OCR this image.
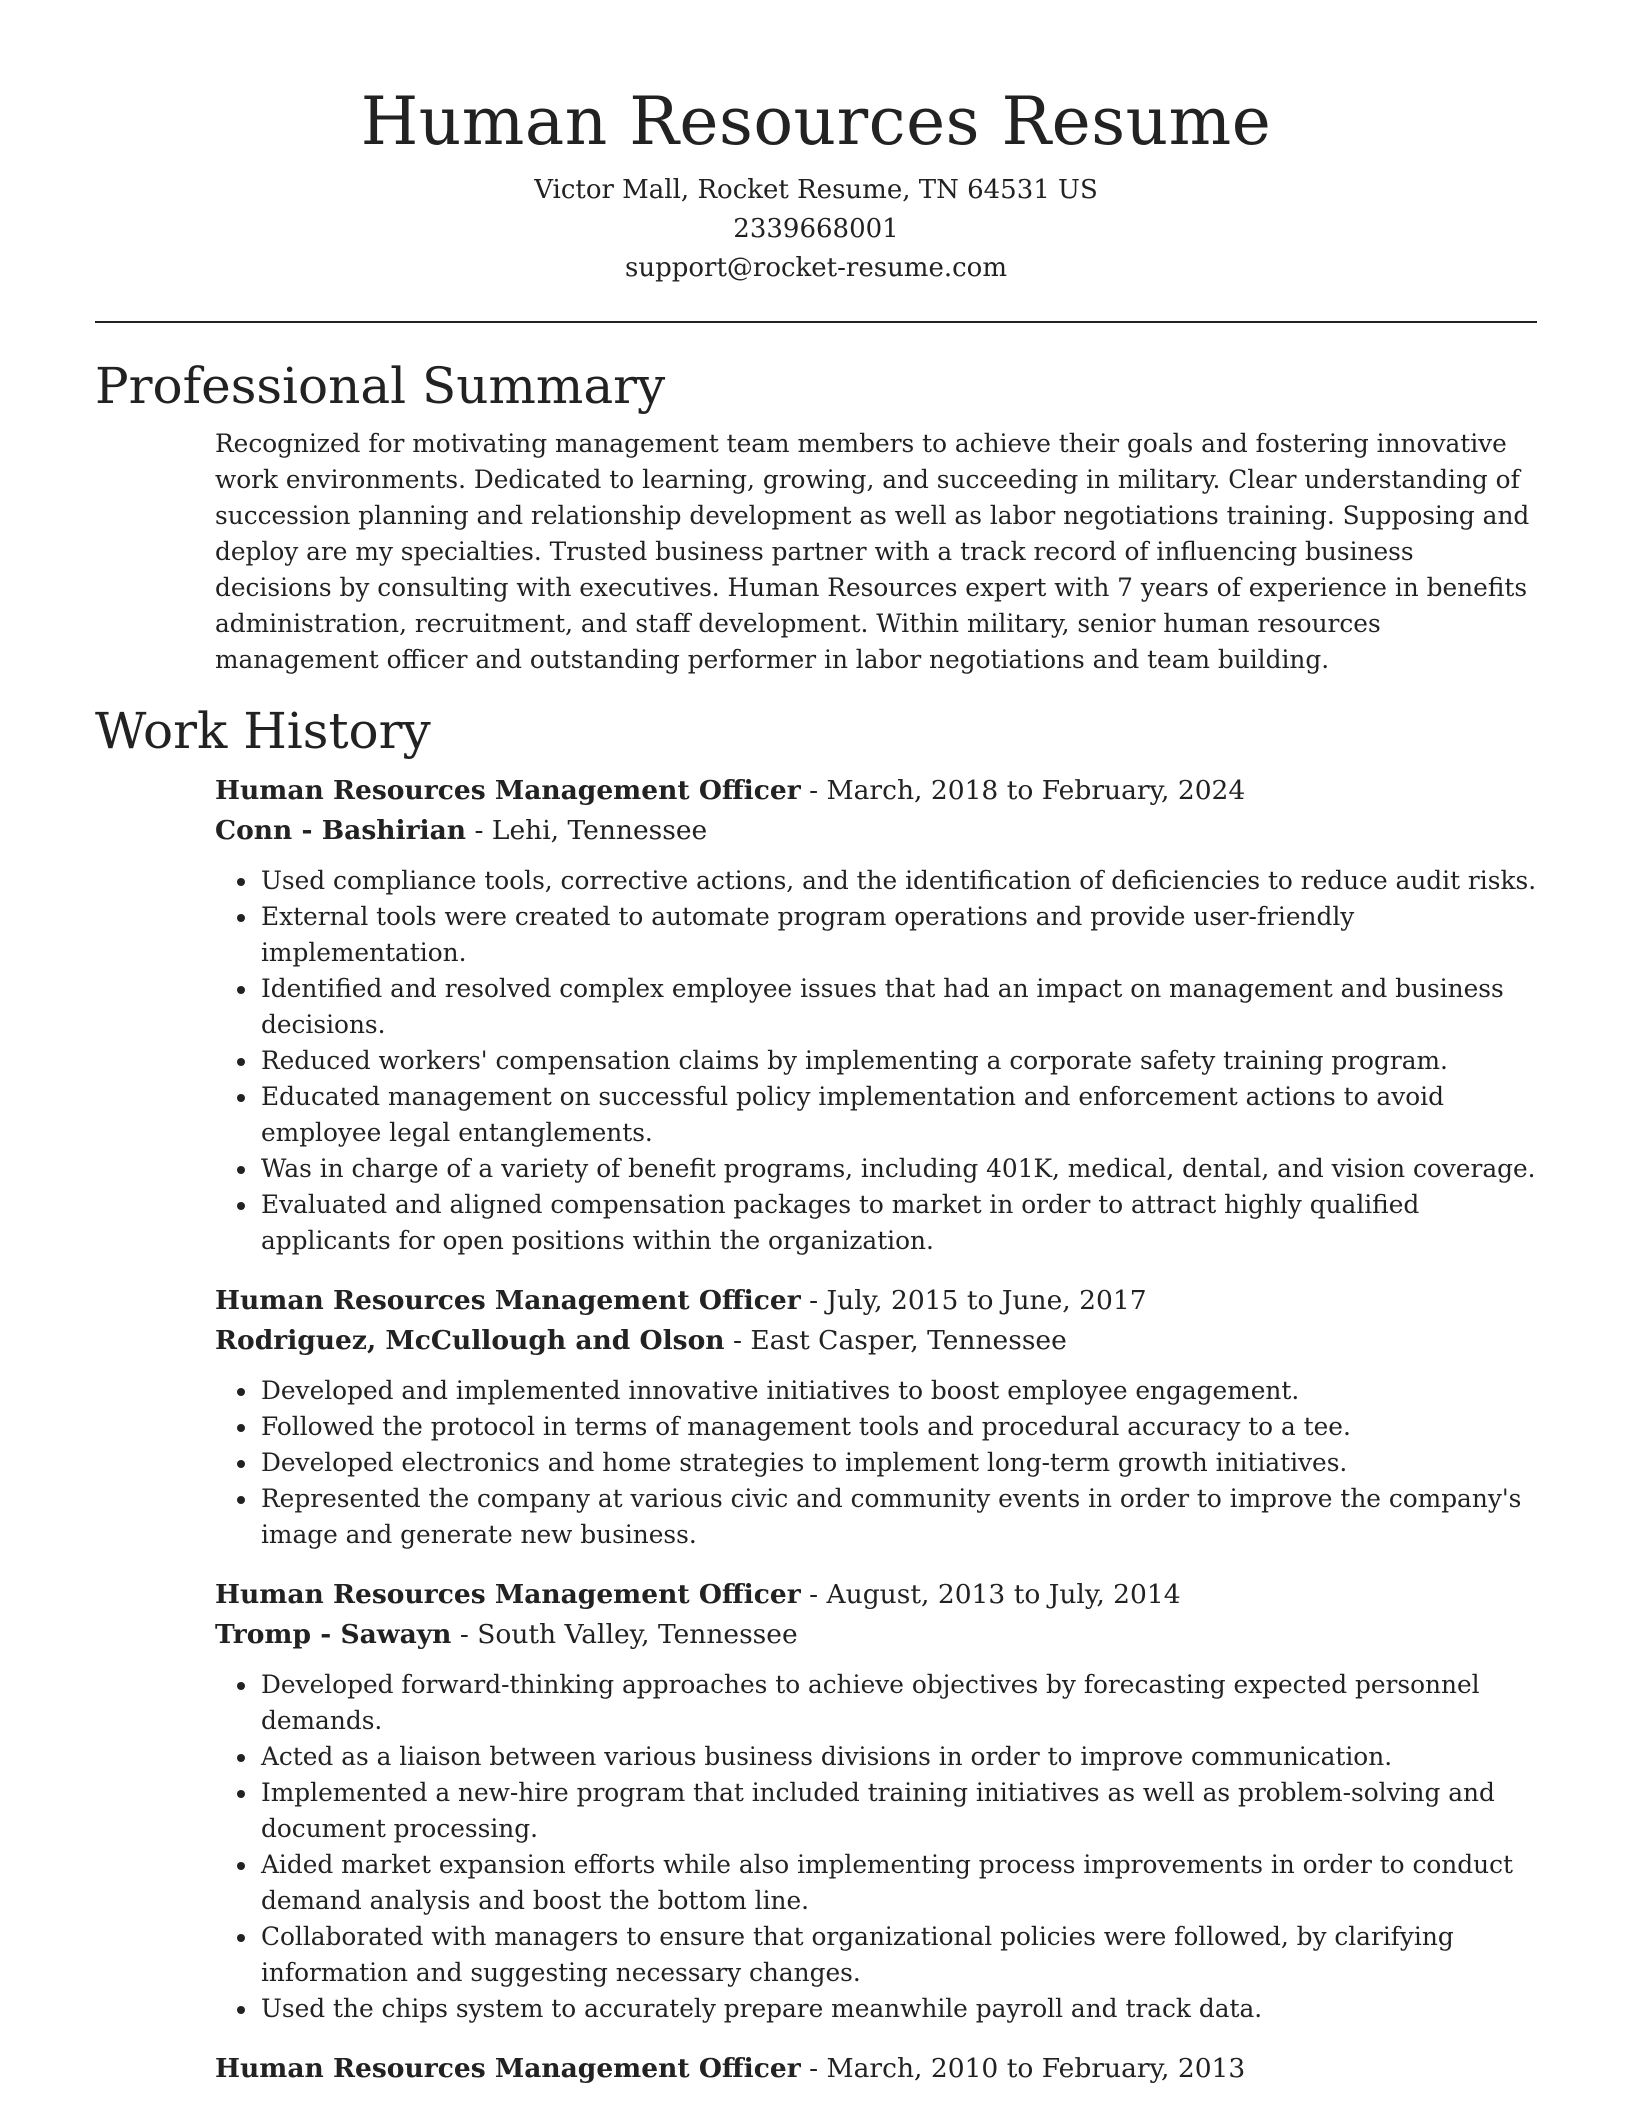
Human Resources Resume
Victor Mall, Rocket Resume, TN 64531 US
2339668001
support@rocket-resume.com
Professional Summary

Recognized for motivating management team members to achieve their goals and fostering innovative work environments. Dedicated to learning, growing, and succeeding in military. Clear understanding of succession planning and relationship development as well as labor negotiations training. Supposing and deploy are my specialties. Trusted business partner with a track record of influencing business decisions by consulting with executives. Human Resources expert with 7 years of experience in benefits administration, recruitment, and staff development. Within military, senior human resources management officer and outstanding performer in labor negotiations and team building.

Work History
Human Resources Management Officer - March, 2018 to February, 2024
Conn - Bashirian - Lehi, Tennessee
• Used compliance tools, corrective actions, and the identification of deficiencies to reduce audit risks.
• External tools were created to automate program operations and provide user-friendly implementation.
• Identified and resolved complex employee issues that had an impact on management and business decisions.
• Reduced workers' compensation claims by implementing a corporate safety training program.
• Educated management on successful policy implementation and enforcement actions to avoid employee legal entanglements.
• Was in charge of a variety of benefit programs, including 401K, medical, dental, and vision coverage.
• Evaluated and aligned compensation packages to market in order to attract highly qualified applicants for open positions within the organization.
Human Resources Management Officer - July, 2015 to June, 2017
Rodriguez, McCullough and Olson - East Casper, Tennessee
• Developed and implemented innovative initiatives to boost employee engagement.
• Followed the protocol in terms of management tools and procedural accuracy to a tee.
• Developed electronics and home strategies to implement long-term growth initiatives.
• Represented the company at various civic and community events in order to improve the company's image and generate new business.
Human Resources Management Officer - August, 2013 to July, 2014
Tromp - Sawayn - South Valley, Tennessee
• Developed forward-thinking approaches to achieve objectives by forecasting expected personnel demands.
• Acted as a liaison between various business divisions in order to improve communication.
• Implemented a new-hire program that included training initiatives as well as problem-solving and document processing.
• Aided market expansion efforts while also implementing process improvements in order to conduct demand analysis and boost the bottom line.
• Collaborated with managers to ensure that organizational policies were followed, by clarifying information and suggesting necessary changes.
• Used the chips system to accurately prepare meanwhile payroll and track data.
Human Resources Management Officer - March, 2010 to February, 2013
